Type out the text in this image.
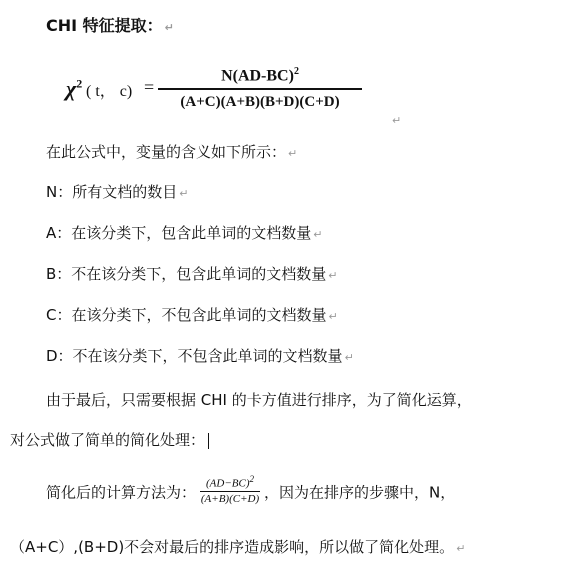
CHI 特征提取： ↵
$\chi^2$ ( t， c) =
$N(AD-BC)^2$
(A+C)(A+B)(B+D)(C+D)
↵
在此公式中，变量的含义如下所示： ↵
N：所有文档的数目 ↵
A：在该分类下，包含此单词的文档数量 ↵
B：不在该分类下，包含此单词的文档数量 ↵
C：在该分类下，不包含此单词的文档数量 ↵
D：不在该分类下，不包含此单词的文档数量 ↵
由于最后，只需要根据 CHI 的卡方值进行排序，为了简化运算，
对公式做了简单的简化处理：
简化后的计算方法为： $\frac{(AD-BC)^2}{(A+B)(C+D)}$ ，因为在排序的步骤中，N，
（A+C）,(B+D)不会对最后的排序造成影响，所以做了简化处理。 ↵
